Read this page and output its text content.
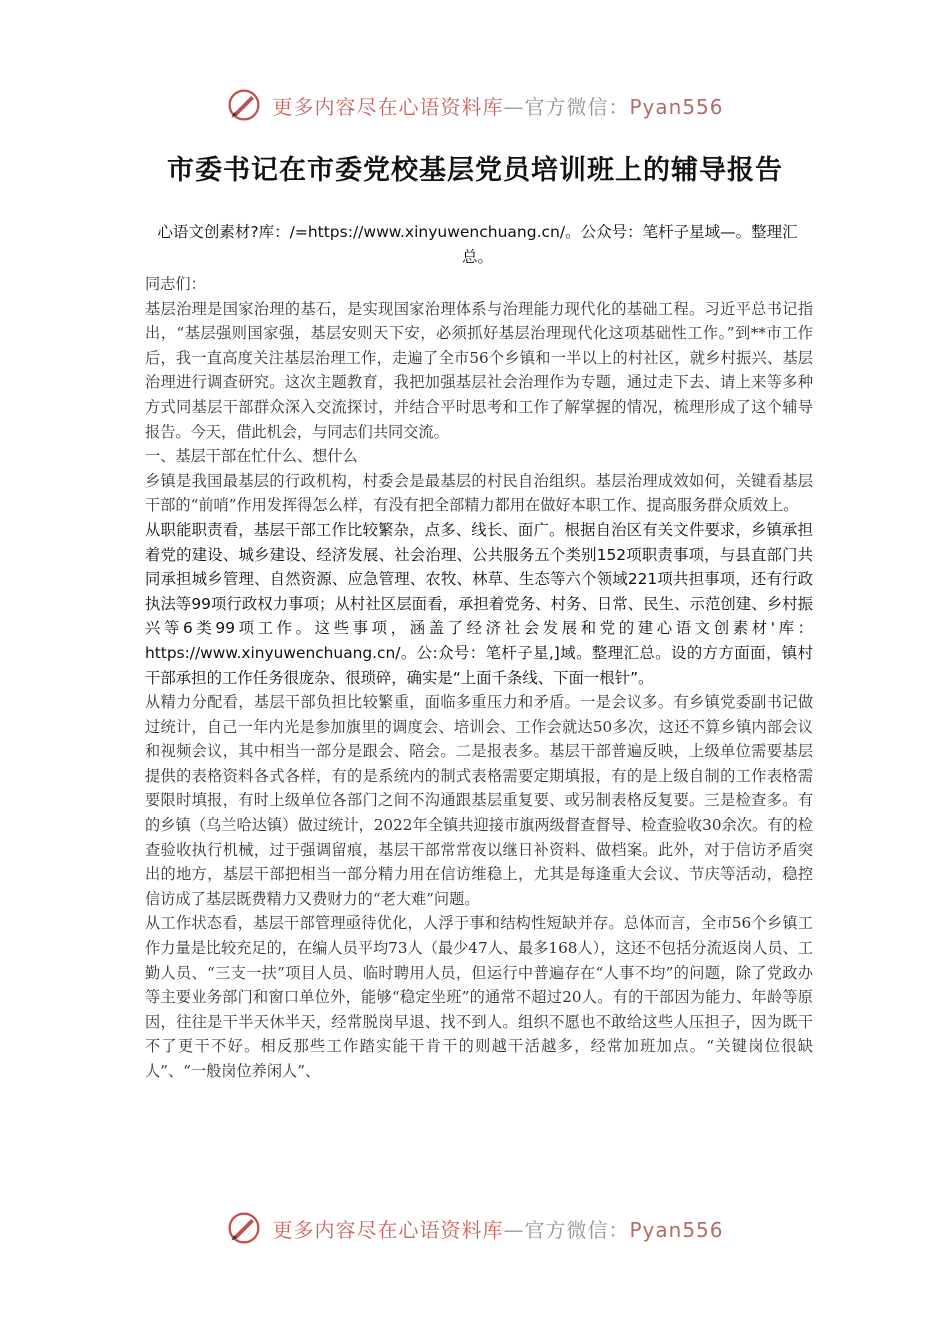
更多内容尽在心语资料库—官方微信：Pyan556
市委书记在市委党校基层党员培训班上的辅导报告
心语文创素材?库：/=https://www.xinyuwenchuang.cn/。公众号：笔杆子星域—。整理汇总。

同志们：

基层治理是国家治理的基石，是实现国家治理体系与治理能力现代化的基础工程。习近平总书记指出，“基层强则国家强，基层安则天下安，必须抓好基层治理现代化这项基础性工作。”到**市工作后，我一直高度关注基层治理工作，走遍了全市56个乡镇和一半以上的村社区，就乡村振兴、基层治理进行调查研究。这次主题教育，我把加强基层社会治理作为专题，通过走下去、请上来等多种方式同基层干部群众深入交流探讨，并结合平时思考和工作了解掌握的情况，梳理形成了这个辅导报告。今天，借此机会，与同志们共同交流。

一、基层干部在忙什么、想什么

乡镇是我国最基层的行政机构，村委会是最基层的村民自治组织。基层治理成效如何，关键看基层干部的“前哨”作用发挥得怎么样，有没有把全部精力都用在做好本职工作、提高服务群众质效上。

从职能职责看，基层干部工作比较繁杂，点多、线长、面广。根据自治区有关文件要求，乡镇承担着党的建设、城乡建设、经济发展、社会治理、公共服务五个类别152项职责事项，与县直部门共同承担城乡管理、自然资源、应急管理、农牧、林草、生态等六个领域221项共担事项，还有行政执法等99项行政权力事项；从村社区层面看，承担着党务、村务、日常、民生、示范创建、乡村振兴等6类99项工作。这些事项，涵盖了经济社会发展和党的建心语文创素材'库：https://www.xinyuwenchuang.cn/。公:众号：笔杆子星,]域。整理汇总。设的方方面面，镇村干部承担的工作任务很庞杂、很琐碎，确实是“上面千条线、下面一根针”。

从精力分配看，基层干部负担比较繁重，面临多重压力和矛盾。一是会议多。有乡镇党委副书记做过统计，自己一年内光是参加旗里的调度会、培训会、工作会就达50多次，这还不算乡镇内部会议和视频会议，其中相当一部分是跟会、陪会。二是报表多。基层干部普遍反映，上级单位需要基层提供的表格资料各式各样，有的是系统内的制式表格需要定期填报，有的是上级自制的工作表格需要限时填报，有时上级单位各部门之间不沟通跟基层重复要、或另制表格反复要。三是检查多。有的乡镇（乌兰哈达镇）做过统计，2022年全镇共迎接市旗两级督查督导、检查验收30余次。有的检查验收执行机械，过于强调留痕，基层干部常常夜以继日补资料、做档案。此外，对于信访矛盾突出的地方，基层干部把相当一部分精力用在信访维稳上，尤其是每逢重大会议、节庆等活动，稳控信访成了基层既费精力又费财力的“老大难”问题。

从工作状态看，基层干部管理亟待优化，人浮于事和结构性短缺并存。总体而言，全市56个乡镇工作力量是比较充足的，在编人员平均73人（最少47人、最多168人），这还不包括分流返岗人员、工勤人员、“三支一扶”项目人员、临时聘用人员，但运行中普遍存在“人事不均”的问题，除了党政办等主要业务部门和窗口单位外，能够“稳定坐班”的通常不超过20人。有的干部因为能力、年龄等原因，往往是干半天休半天，经常脱岗早退、找不到人。组织不愿也不敢给这些人压担子，因为既干不了更干不好。相反那些工作踏实能干肯干的则越干活越多，经常加班加点。“关键岗位很缺人”、“一般岗位养闲人”、

更多内容尽在心语资料库—官方微信：Pyan556
